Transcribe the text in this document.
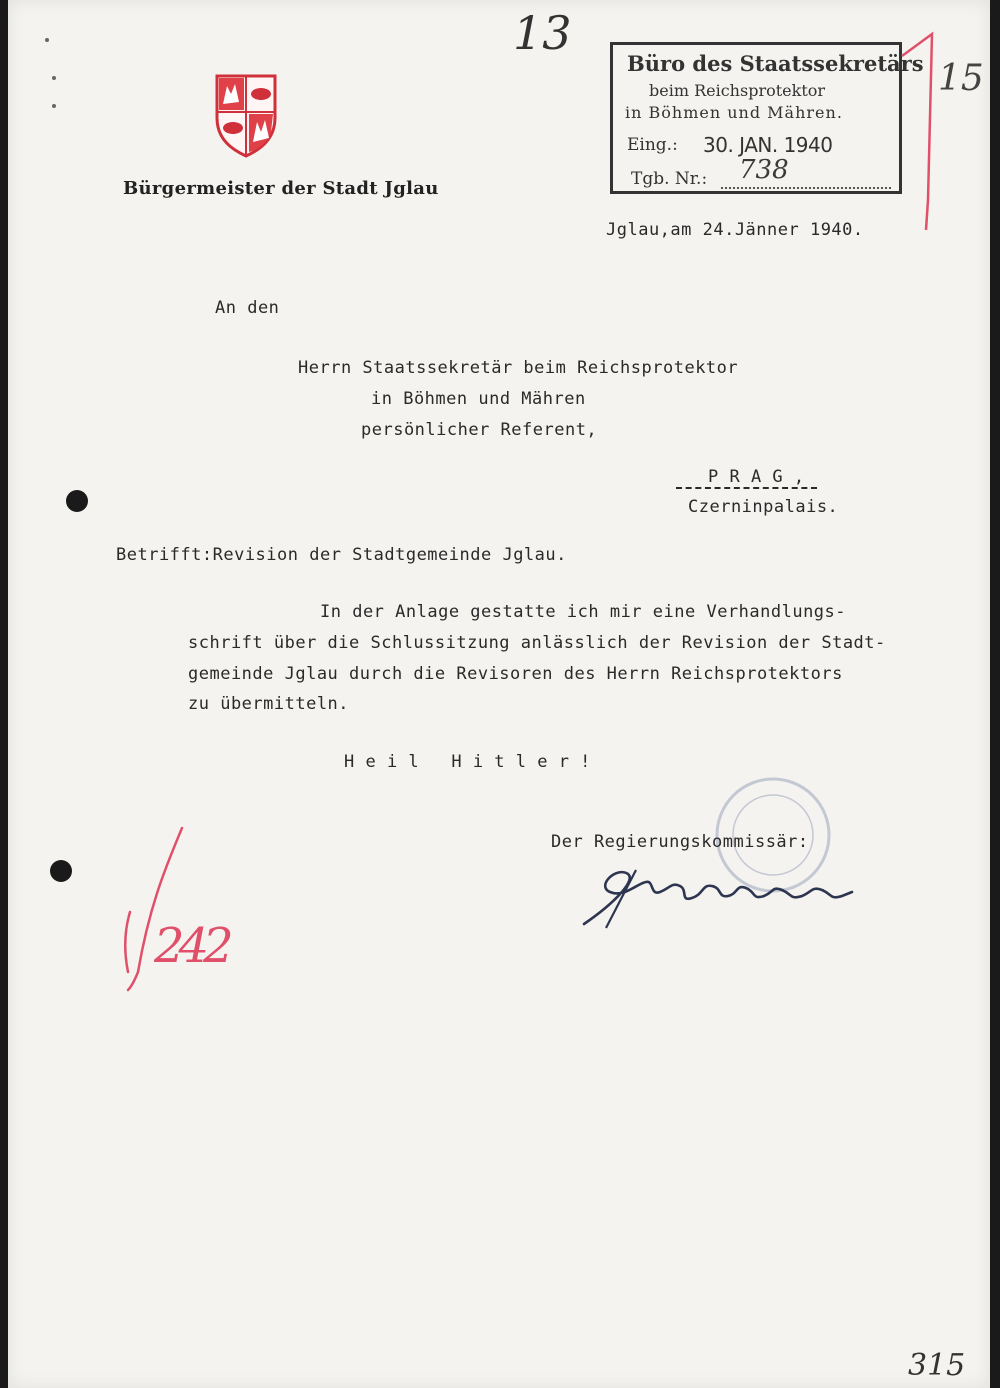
13
Bürgermeister der Stadt Jglau
Büro des Staatssekretärs
beim Reichsprotektor
in Böhmen und Mähren.
Eing.: 30. JAN. 1940
Tgb. Nr.: 738
15
Jglau,am 24.Jänner 1940.
An den
Herrn Staatssekretär beim Reichsprotektor
in Böhmen und Mähren
persönlicher Referent,
P R A G ,
Czerninpalais.
Betrifft:Revision der Stadtgemeinde Jglau.
In der Anlage gestatte ich mir eine Verhandlungs-
schrift über die Schlussitzung anlässlich der Revision der Stadt-
gemeinde Jglau durch die Revisoren des Herrn Reichsprotektors
zu übermitteln.
H e i l   H i t l e r !
Der Regierungskommissär:
242
315
